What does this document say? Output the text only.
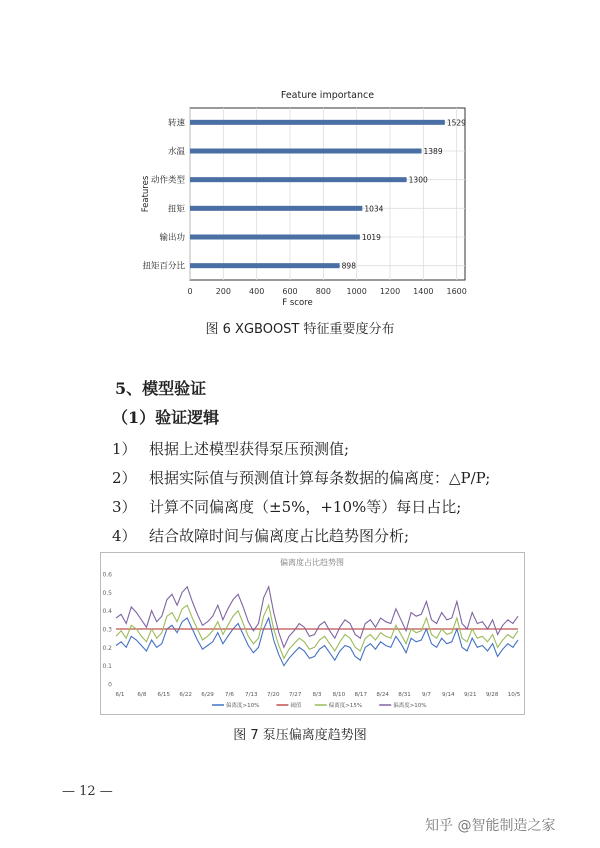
0	200 400 600 800 1000 1200 1400 1600
转速	1529
水温	1389
动作类型	1300
扭矩	1034
输出功	1019
扭矩百分比	898
Feature importance
F score
Features
图 6 XGBOOST 特征重要度分布
5、模型验证
（1）验证逻辑
1） 根据上述模型获得泵压预测值;
2） 根据实际值与预测值计算每条数据的偏离度：△P/P;
3） 计算不同偏离度（±5%，+10%等）每日占比;
4） 结合故障时间与偏离度占比趋势图分析;
0
0.1
0.2
0.3
0.4
0.5
0.6
6/1 6/8 6/15 6/22 6/29 7/6 7/13 7/20 7/27 8/3 8/10 8/17 8/24 8/31 9/7 9/14 9/21 9/28 10/5
偏离度占比趋势图
偏离度>10%	阈值	偏离度>15%	偏离度>10%
图 7 泵压偏离度趋势图
— 12 —
知乎 @智能制造之家
